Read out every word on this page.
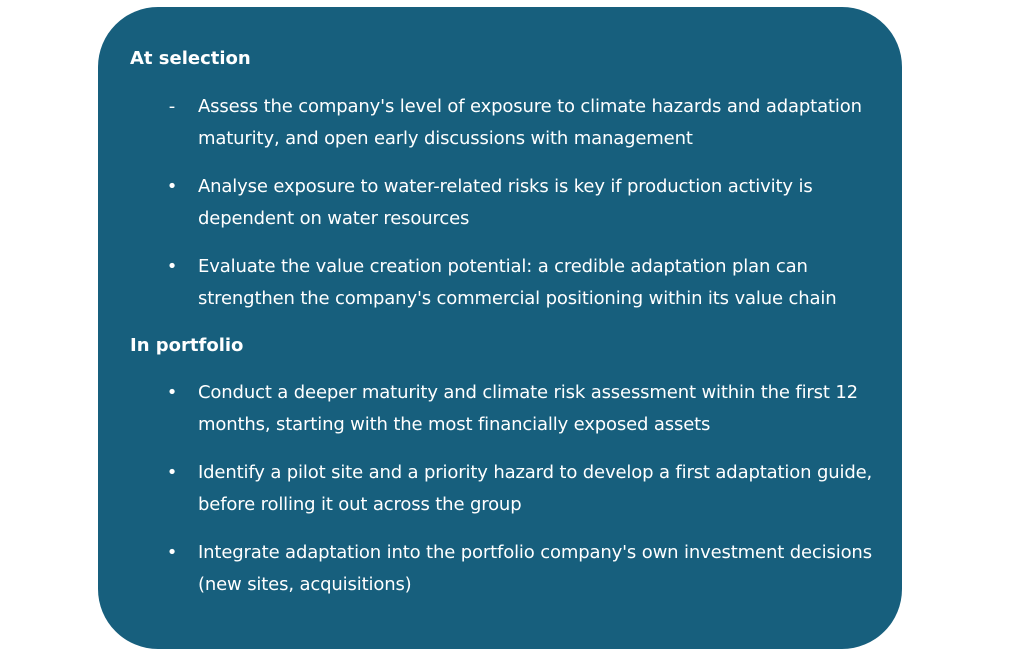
At selection
- Assess the company's level of exposure to climate hazards and adaptation maturity, and open early discussions with management
• Analyse exposure to water-related risks is key if production activity is dependent on water resources
• Evaluate the value creation potential: a credible adaptation plan can strengthen the company's commercial positioning within its value chain
In portfolio
• Conduct a deeper maturity and climate risk assessment within the first 12 months, starting with the most financially exposed assets
• Identify a pilot site and a priority hazard to develop a first adaptation guide, before rolling it out across the group
• Integrate adaptation into the portfolio company's own investment decisions (new sites, acquisitions)
